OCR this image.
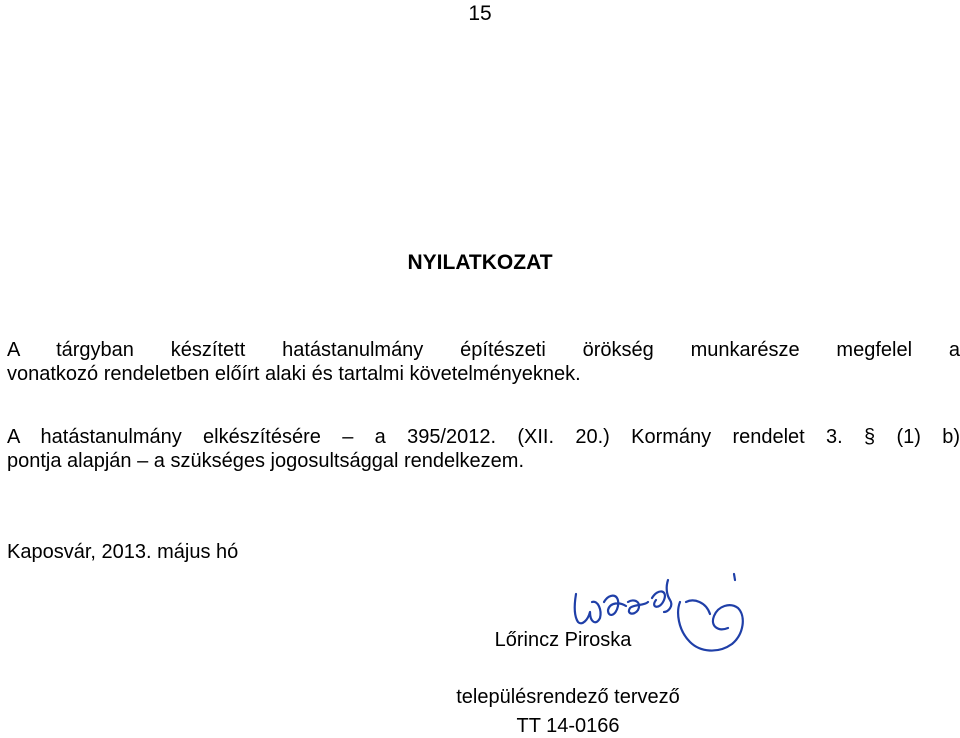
15
NYILATKOZAT
A tárgyban készített hatástanulmány építészeti örökség munkarésze megfelel a
vonatkozó rendeletben előírt alaki és tartalmi követelményeknek.
A hatástanulmány elkészítésére – a 395/2012. (XII. 20.) Kormány rendelet 3. § (1) b)
pontja alapján – a szükséges jogosultsággal rendelkezem.
Kaposvár, 2013. május hó
Lőrincz Piroska
településrendező tervező
TT 14-0166
